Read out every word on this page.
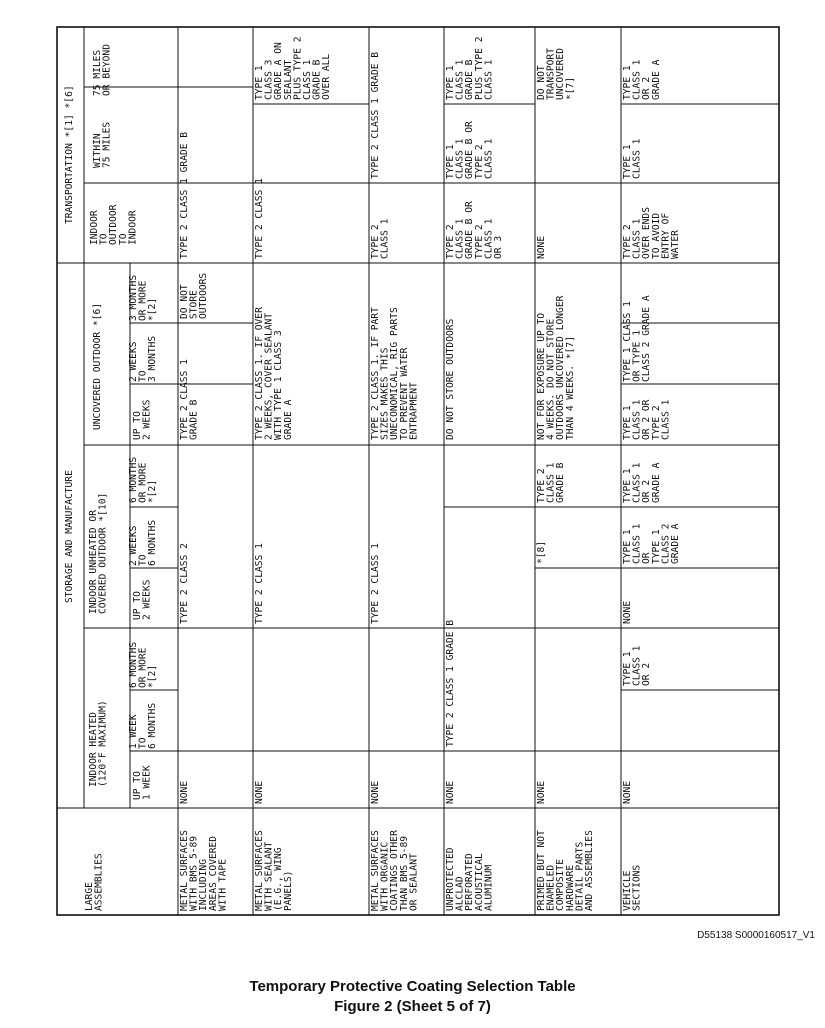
LARGE
ASSEMBLIES
STORAGE AND MANUFACTURE
TRANSPORTATION *[1] *[6]
INDOOR HEATED
(120°F MAXIMUM)
INDOOR UNHEATED OR
COVERED OUTDOOR *[10]
UNCOVERED OUTDOOR *[6]
INDOOR
TO
OUTDOOR
TO
INDOOR
WITHIN
75 MILES
75 MILES
OR BEYOND
UP TO
1 WEEK
1 WEEK
TO
6 MONTHS
6 MONTHS
OR MORE
*[2]
UP TO
2 WEEKS
2 WEEKS
TO
6 MONTHS
6 MONTHS
OR MORE
*[2]
UP TO
2 WEEKS
2 WEEKS
TO
3 MONTHS
3 MONTHS
OR MORE
*[2]
METAL SURFACES
WITH BMS 5-89
INCLUDING
AREAS COVERED
WITH TAPE
NONE
TYPE 2 CLASS 2
TYPE 2 CLASS 1
GRADE B
DO NOT
STORE
OUTDOORS
TYPE 2 CLASS 1 GRADE B
METAL SURFACES
WITH SEALANT
(E.G., WING
PANELS)
NONE
TYPE 2 CLASS 1
TYPE 2 CLASS 1. IF OVER
2 WEEKS, COVER SEALANT
WITH TYPE 1 CLASS 3
GRADE A
TYPE 2 CLASS 1
TYPE 1
CLASS 3
GRADE A ON
SEALANT
PLUS TYPE 2
CLASS 1
GRADE B
OVER ALL
METAL SURFACES
WITH ORGANIC
COATINGS OTHER
THAN BMS 5-89
OR SEALANT
NONE
TYPE 2 CLASS 1
TYPE 2 CLASS 1. IF PART
SIZES MAKES THIS
UNECONOMICAL, RIG PARTS
TO PREVENT WATER
ENTRAPMENT
TYPE 2
CLASS 1
TYPE 2 CLASS 1 GRADE B
UNPROTECTED
ALCLAD
PERFORATED
ACOUSTICAL
ALUMINUM
NONE
TYPE 2 CLASS 1 GRADE B
DO NOT STORE OUTDOORS
TYPE 2
CLASS 1
GRADE B OR
TYPE 2
CLASS 1
OR 3
TYPE 1
CLASS 1
GRADE B OR
TYPE 2
CLASS 1
TYPE 1
CLASS 1
GRADE B
PLUS TYPE 2
CLASS 1
PRIMED BUT NOT
ENAMELED
COMPOSITE
HARDWARE
DETAIL PARTS
AND ASSEMBLIES
NONE
*[8]
TYPE 2
CLASS 1
GRADE B
NOT FOR EXPOSURE UP TO
4 WEEKS. DO NOT STORE
OUTDOORS UNCOVERED LONGER
THAN 4 WEEKS. *[7]
NONE
DO NOT
TRANSPORT
UNCOVERED
*[7]
VEHICLE
SECTIONS
NONE
TYPE 1
CLASS 1
OR 2
NONE
TYPE 1
CLASS 1
OR
TYPE 1
CLASS 2
GRADE A
TYPE 1
CLASS 1
OR 2
GRADE A
TYPE 1
CLASS 1
OR 2 OR
TYPE 2
CLASS 1
TYPE 1 CLASS 1
OR TYPE 1
CLASS 2 GRADE A
TYPE 2
CLASS 1
OVER ENDS
TO AVOID
ENTRY OF
WATER
TYPE 1
CLASS 1
TYPE 1
CLASS 1
OR 2
GRADE A
D55138 S0000160517_V1
Temporary Protective Coating Selection Table
Figure 2 (Sheet 5 of 7)
